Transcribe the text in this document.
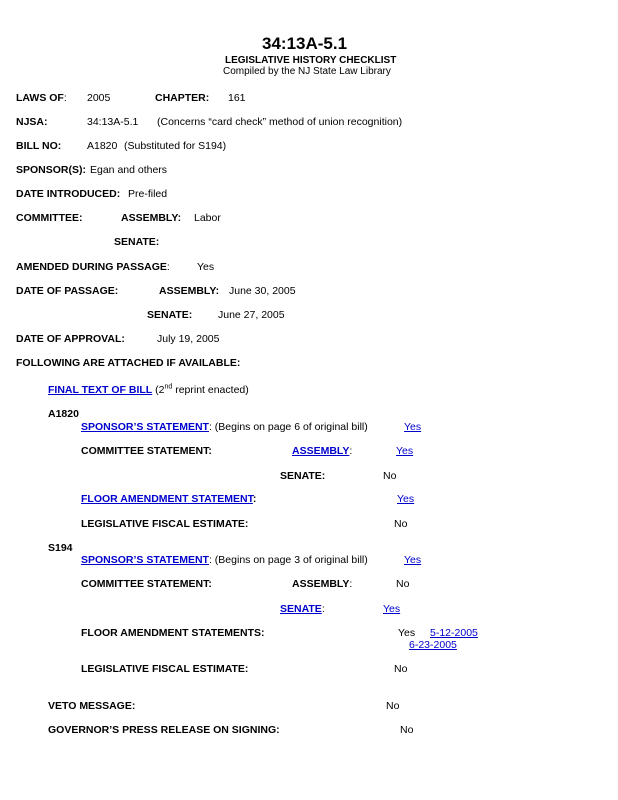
34:13A-5.1
LEGISLATIVE HISTORY CHECKLIST
Compiled by the NJ State Law Library
LAWS OF: 2005	CHAPTER: 161
NJSA:	34:13A-5.1 (Concerns “card check” method of union recognition)
BILL NO: A1820 (Substituted for S194)
SPONSOR(S): Egan and others
DATE INTRODUCED: Pre-filed
COMMITTEE:	ASSEMBLY: Labor
SENATE:
AMENDED DURING PASSAGE:	Yes
DATE OF PASSAGE:	ASSEMBLY: June 30, 2005
SENATE: June 27, 2005
DATE OF APPROVAL:	July 19, 2005
FOLLOWING ARE ATTACHED IF AVAILABLE:
FINAL TEXT OF BILL (2nd reprint enacted)
A1820
SPONSOR’S STATEMENT: (Begins on page 6 of original bill)	Yes
COMMITTEE STATEMENT:	ASSEMBLY:	Yes
SENATE:	No
FLOOR AMENDMENT STATEMENT:	Yes
LEGISLATIVE FISCAL ESTIMATE:	No
S194
SPONSOR’S STATEMENT: (Begins on page 3 of original bill)	Yes
COMMITTEE STATEMENT:	ASSEMBLY:	No
SENATE:	Yes
FLOOR AMENDMENT STATEMENTS:	Yes 5-12-2005
6-23-2005
LEGISLATIVE FISCAL ESTIMATE:	No
VETO MESSAGE:	No
GOVERNOR’S PRESS RELEASE ON SIGNING:	No
